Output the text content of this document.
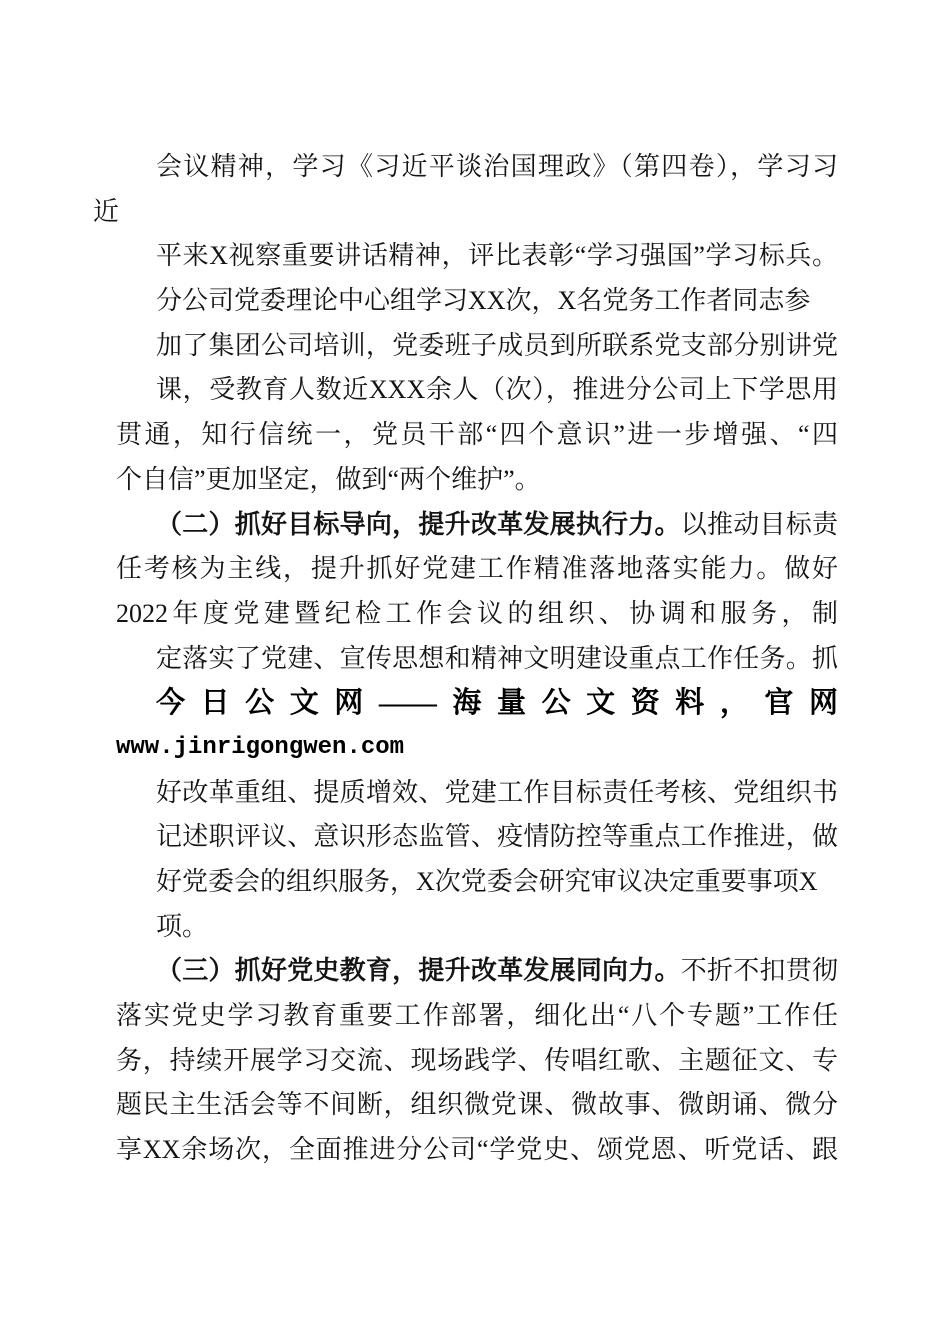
会议精神，学习《习近平谈治国理政》（第四卷），学习习
近
平来X视察重要讲话精神，评比表彰“学习强国”学习标兵。
分公司党委理论中心组学习XX次，X名党务工作者同志参
加了集团公司培训，党委班子成员到所联系党支部分别讲党
课，受教育人数近XXX余人（次），推进分公司上下学思用
贯通，知行信统一，党员干部“四个意识”进一步增强、“四
个自信”更加坚定，做到“两个维护”。
（二）抓好目标导向，提升改革发展执行力。以推动目标责
任考核为主线，提升抓好党建工作精准落地落实能力。做好
2022年度党建暨纪检工作会议的组织、协调和服务，制
定落实了党建、宣传思想和精神文明建设重点工作任务。抓
今日公文网——海量公文资料，官网
www.jinrigongwen.com
好改革重组、提质增效、党建工作目标责任考核、党组织书
记述职评议、意识形态监管、疫情防控等重点工作推进，做
好党委会的组织服务，X次党委会研究审议决定重要事项X
项。
（三）抓好党史教育，提升改革发展同向力。不折不扣贯彻
落实党史学习教育重要工作部署，细化出“八个专题”工作任
务，持续开展学习交流、现场践学、传唱红歌、主题征文、专
题民主生活会等不间断，组织微党课、微故事、微朗诵、微分
享XX余场次，全面推进分公司“学党史、颂党恩、听党话、跟
